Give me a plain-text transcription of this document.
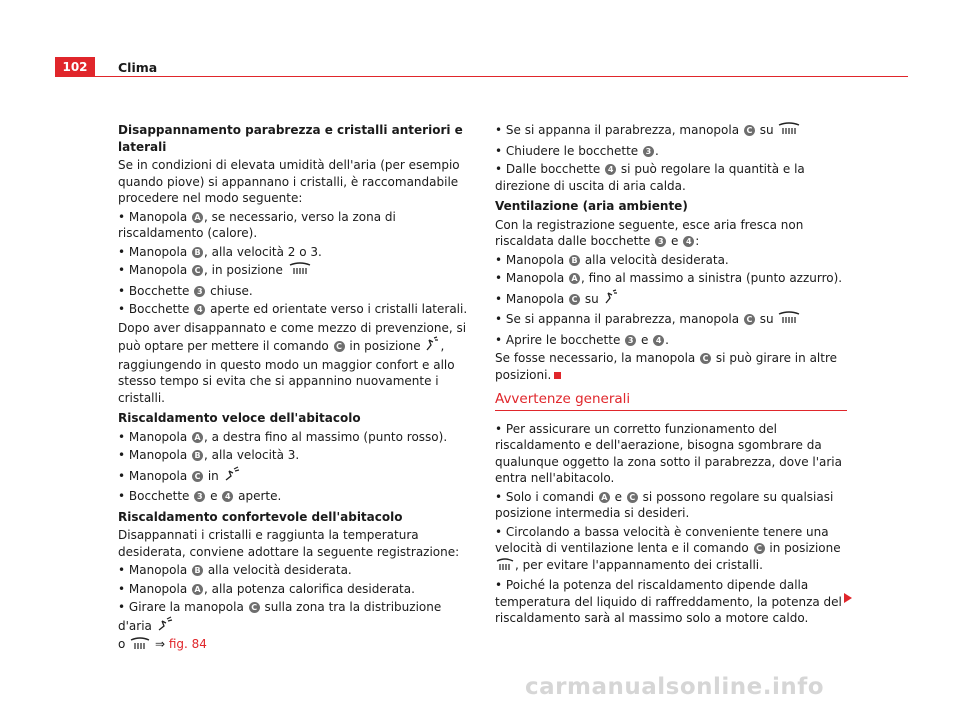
102	Clima

Disappannamento parabrezza e cristalli anteriori e laterali

Se in condizioni di elevata umidità dell'aria (per esempio quando piove) si appannano i cristalli, è raccomandabile procedere nel modo seguente:

• Manopola A , se necessario, verso la zona di riscaldamento (calore).

• Manopola B , alla velocità 2 o 3.

• Manopola C , in posizione

• Bocchette 3 chiuse.

• Bocchette 4 aperte ed orientate verso i cristalli laterali.

Dopo aver disappannato e come mezzo di prevenzione, si può optare per mettere il comando C in posizione , raggiungendo in questo modo un maggior confort e allo stesso tempo si evita che si appannino nuovamente i cristalli.

Riscaldamento veloce dell'abitacolo

• Manopola A , a destra fino al massimo (punto rosso).

• Manopola B , alla velocità 3.

• Manopola C in

• Bocchette 3 e 4 aperte.

Riscaldamento confortevole dell'abitacolo

Disappannati i cristalli e raggiunta la temperatura desiderata, conviene adottare la seguente registrazione:

• Manopola B alla velocità desiderata.

• Manopola A , alla potenza calorifica desiderata.

• Girare la manopola C sulla zona tra la distribuzione d'aria
o  ⇒ fig. 84

• Se si appanna il parabrezza, manopola C su

• Chiudere le bocchette 3 .

• Dalle bocchette 4 si può regolare la quantità e la direzione di uscita di aria calda.

Ventilazione (aria ambiente)

Con la registrazione seguente, esce aria fresca non riscaldata dalle bocchette 3 e 4 :

• Manopola B alla velocità desiderata.

• Manopola A , fino al massimo a sinistra (punto azzurro).

• Manopola C su

• Se si appanna il parabrezza, manopola C su

• Aprire le bocchette 3 e 4 .

Se fosse necessario, la manopola C si può girare in altre posizioni.

Avvertenze generali

• Per assicurare un corretto funzionamento del riscaldamento e dell'aerazione, bisogna sgombrare da qualunque oggetto la zona sotto il parabrezza, dove l'aria entra nell'abitacolo.

• Solo i comandi A e C si possono regolare su qualsiasi posizione intermedia si desideri.

• Circolando a bassa velocità è conveniente tenere una velocità di ventilazione lenta e il comando C in posizione , per evitare l'appannamento dei cristalli.

• Poiché la potenza del riscaldamento dipende dalla temperatura del liquido di raffreddamento, la potenza del riscaldamento sarà al massimo solo a motore caldo.

carmanualsonline.info
